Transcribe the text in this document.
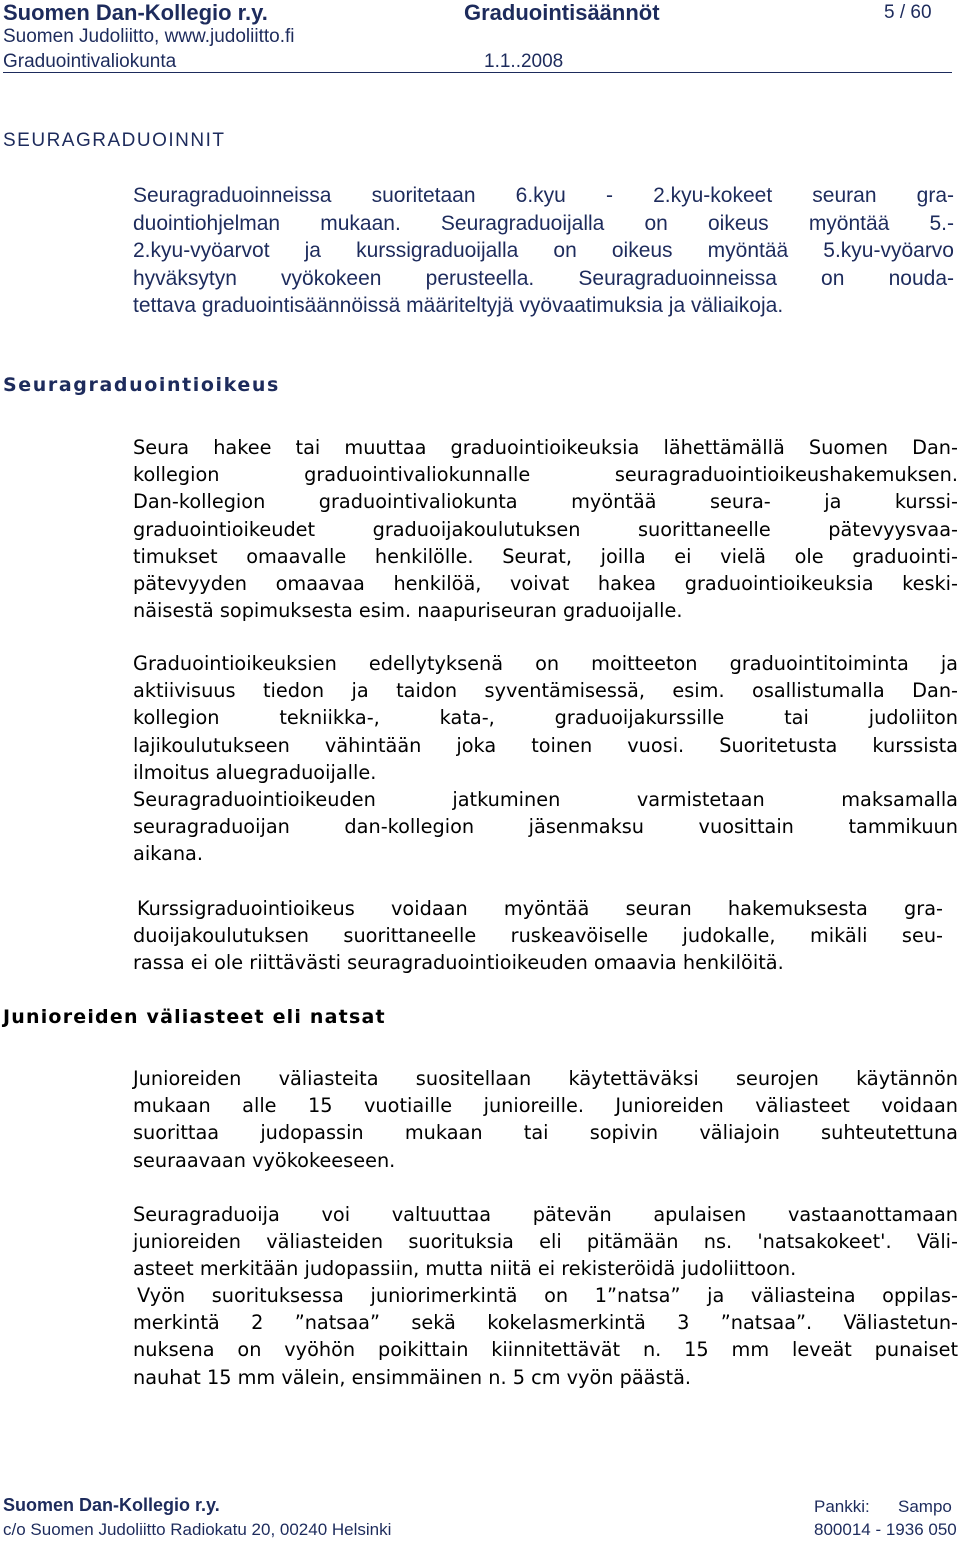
Suomen Dan-Kollegio r.y.	Graduointisäännöt	5 / 60
Suomen Judoliitto, www.judoliitto.fi
Graduointivaliokunta	1.1..2008
SEURAGRADUOINNIT

Seuragraduoinneissa suoritetaan 6.kyu - 2.kyu-kokeet seuran gra-

duointiohjelman mukaan. Seuragraduoijalla on oikeus myöntää 5.-

2.kyu-vyöarvot ja kurssigraduoijalla on oikeus myöntää 5.kyu-vyöarvo

hyväksytyn vyökokeen perusteella. Seuragraduoinneissa on nouda-

tettava graduointisäännöissä määriteltyjä vyövaatimuksia ja väliaikoja.

Seuragraduointioikeus

Seura hakee tai muuttaa graduointioikeuksia lähettämällä Suomen Dan-

kollegion graduointivaliokunnalle seuragraduointioikeushakemuksen.

Dan-kollegion graduointivaliokunta myöntää seura- ja kurssi-

graduointioikeudet graduoijakoulutuksen suorittaneelle pätevyysvaa-

timukset omaavalle henkilölle. Seurat, joilla ei vielä ole graduointi-

pätevyyden omaavaa henkilöä, voivat hakea graduointioikeuksia keski-

näisestä sopimuksesta esim. naapuriseuran graduoijalle.

Graduointioikeuksien edellytyksenä on moitteeton graduointitoiminta ja

aktiivisuus tiedon ja taidon syventämisessä, esim. osallistumalla Dan-

kollegion tekniikka-, kata-, graduoijakurssille tai judoliiton

lajikoulutukseen vähintään joka toinen vuosi. Suoritetusta kurssista

ilmoitus aluegraduoijalle.

Seuragraduointioikeuden jatkuminen varmistetaan maksamalla

seuragraduoijan dan-kollegion jäsenmaksu vuosittain tammikuun

aikana.

Kurssigraduointioikeus voidaan myöntää seuran hakemuksesta gra-

duoijakoulutuksen suorittaneelle ruskeavöiselle judokalle, mikäli seu-

rassa ei ole riittävästi seuragraduointioikeuden omaavia henkilöitä.

Junioreiden väliasteet eli natsat

Junioreiden väliasteita suositellaan käytettäväksi seurojen käytännön

mukaan alle 15 vuotiaille junioreille. Junioreiden väliasteet voidaan

suorittaa judopassin mukaan tai sopivin väliajoin suhteutettuna

seuraavaan vyökokeeseen.

Seuragraduoija voi valtuuttaa pätevän apulaisen vastaanottamaan

junioreiden väliasteiden suorituksia eli pitämään ns. 'natsakokeet'. Väli-

asteet merkitään judopassiin, mutta niitä ei rekisteröidä judoliittoon.

Vyön suorituksessa juniorimerkintä on 1”natsa” ja väliasteina oppilas-

merkintä 2 ”natsaa” sekä kokelasmerkintä 3 ”natsaa”. Väliastetun-

nuksena on vyöhön poikittain kiinnitettävät n. 15 mm leveät punaiset

nauhat 15 mm välein, ensimmäinen n. 5 cm vyön päästä.

Suomen Dan-Kollegio r.y.	Pankki: Sampo
c/o Suomen Judoliitto Radiokatu 20, 00240 Helsinki	800014 - 1936 050
